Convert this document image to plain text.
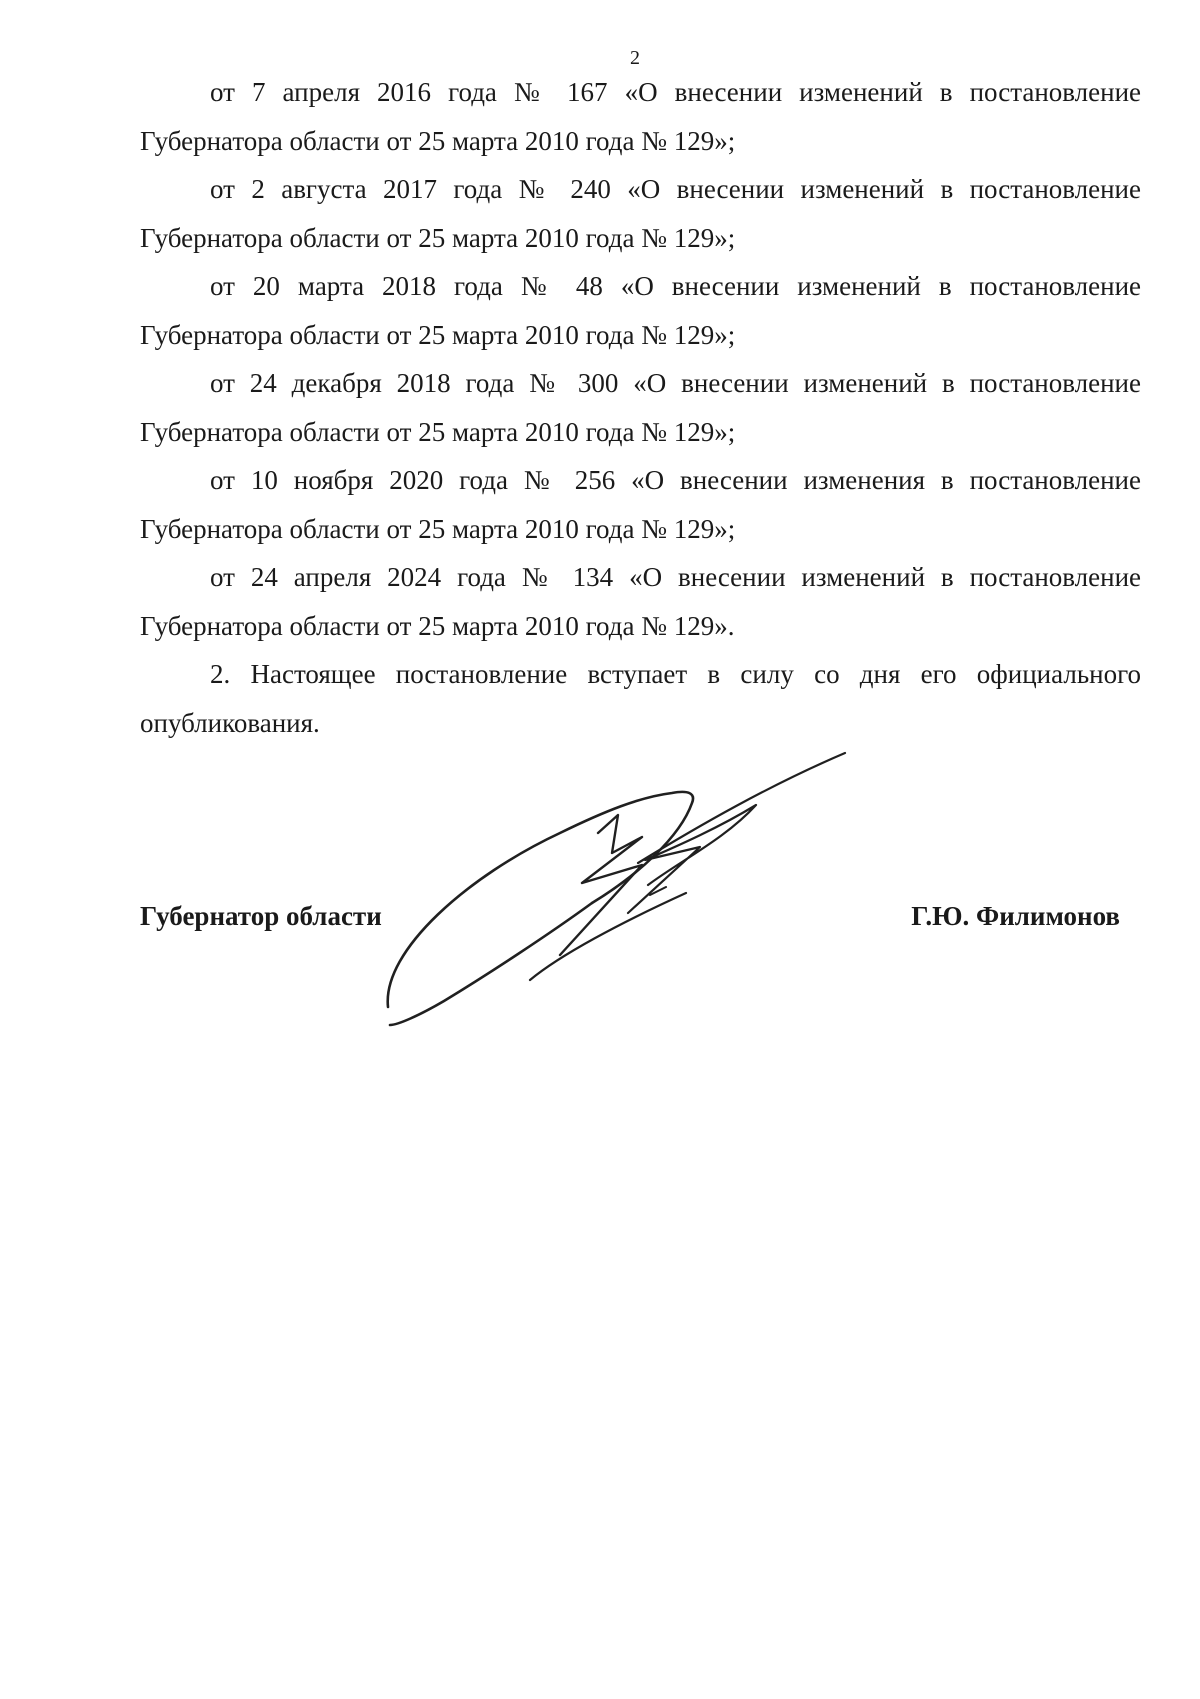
2

от 7 апреля 2016 года № 167 «О внесении изменений в постановление Губернатора области от 25 марта 2010 года № 129»;

от 2 августа 2017 года № 240 «О внесении изменений в постановление Губернатора области от 25 марта 2010 года № 129»;

от 20 марта 2018 года № 48 «О внесении изменений в постановление Губернатора области от 25 марта 2010 года № 129»;

от 24 декабря 2018 года № 300 «О внесении изменений в постановление Губернатора области от 25 марта 2010 года № 129»;

от 10 ноября 2020 года № 256 «О внесении изменения в постановление Губернатора области от 25 марта 2010 года № 129»;

от 24 апреля 2024 года № 134 «О внесении изменений в постановление Губернатора области от 25 марта 2010 года № 129».

2. Настоящее постановление вступает в силу со дня его официального опубликования.

Губернатор области	Г.Ю. Филимонов
